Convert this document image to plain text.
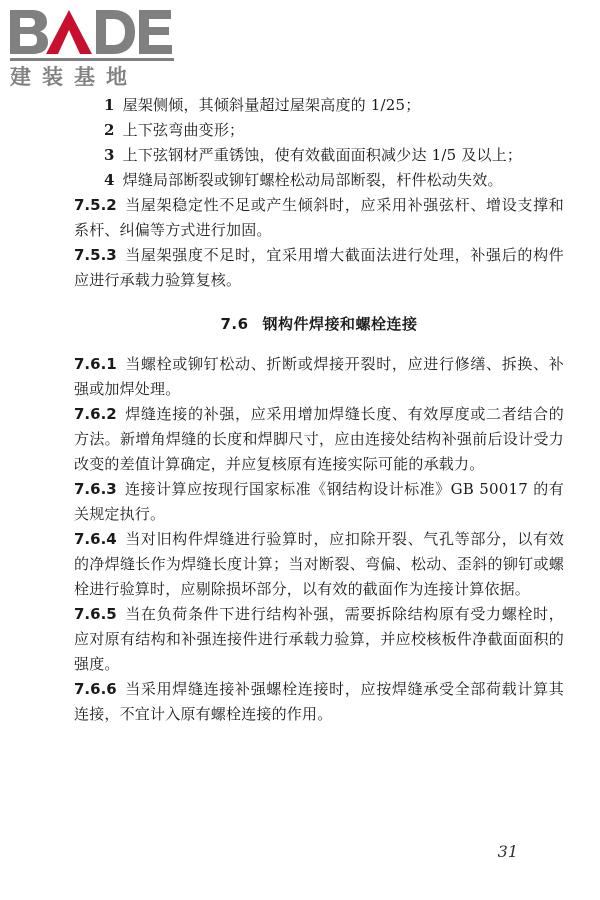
建装基地

1 屋架侧倾，其倾斜量超过屋架高度的 1/25；

2 上下弦弯曲变形；

3 上下弦钢材严重锈蚀，使有效截面面积减少达 1/5 及以上；

4 焊缝局部断裂或铆钉螺栓松动局部断裂，杆件松动失效。

7.5.2 当屋架稳定性不足或产生倾斜时，应采用补强弦杆、增设支撑和系杆、纠偏等方式进行加固。

7.5.3 当屋架强度不足时，宜采用增大截面法进行处理，补强后的构件应进行承载力验算复核。

7.6 钢构件焊接和螺栓连接

7.6.1 当螺栓或铆钉松动、折断或焊接开裂时，应进行修缮、拆换、补强或加焊处理。

7.6.2 焊缝连接的补强，应采用增加焊缝长度、有效厚度或二者结合的方法。新增角焊缝的长度和焊脚尺寸，应由连接处结构补强前后设计受力改变的差值计算确定，并应复核原有连接实际可能的承载力。

7.6.3 连接计算应按现行国家标准《钢结构设计标准》GB 50017 的有关规定执行。

7.6.4 当对旧构件焊缝进行验算时，应扣除开裂、气孔等部分，以有效的净焊缝长作为焊缝长度计算；当对断裂、弯偏、松动、歪斜的铆钉或螺栓进行验算时，应剔除损坏部分，以有效的截面作为连接计算依据。

7.6.5 当在负荷条件下进行结构补强，需要拆除结构原有受力螺栓时，应对原有结构和补强连接件进行承载力验算，并应校核板件净截面面积的强度。

7.6.6 当采用焊缝连接补强螺栓连接时，应按焊缝承受全部荷载计算其连接，不宜计入原有螺栓连接的作用。

31
